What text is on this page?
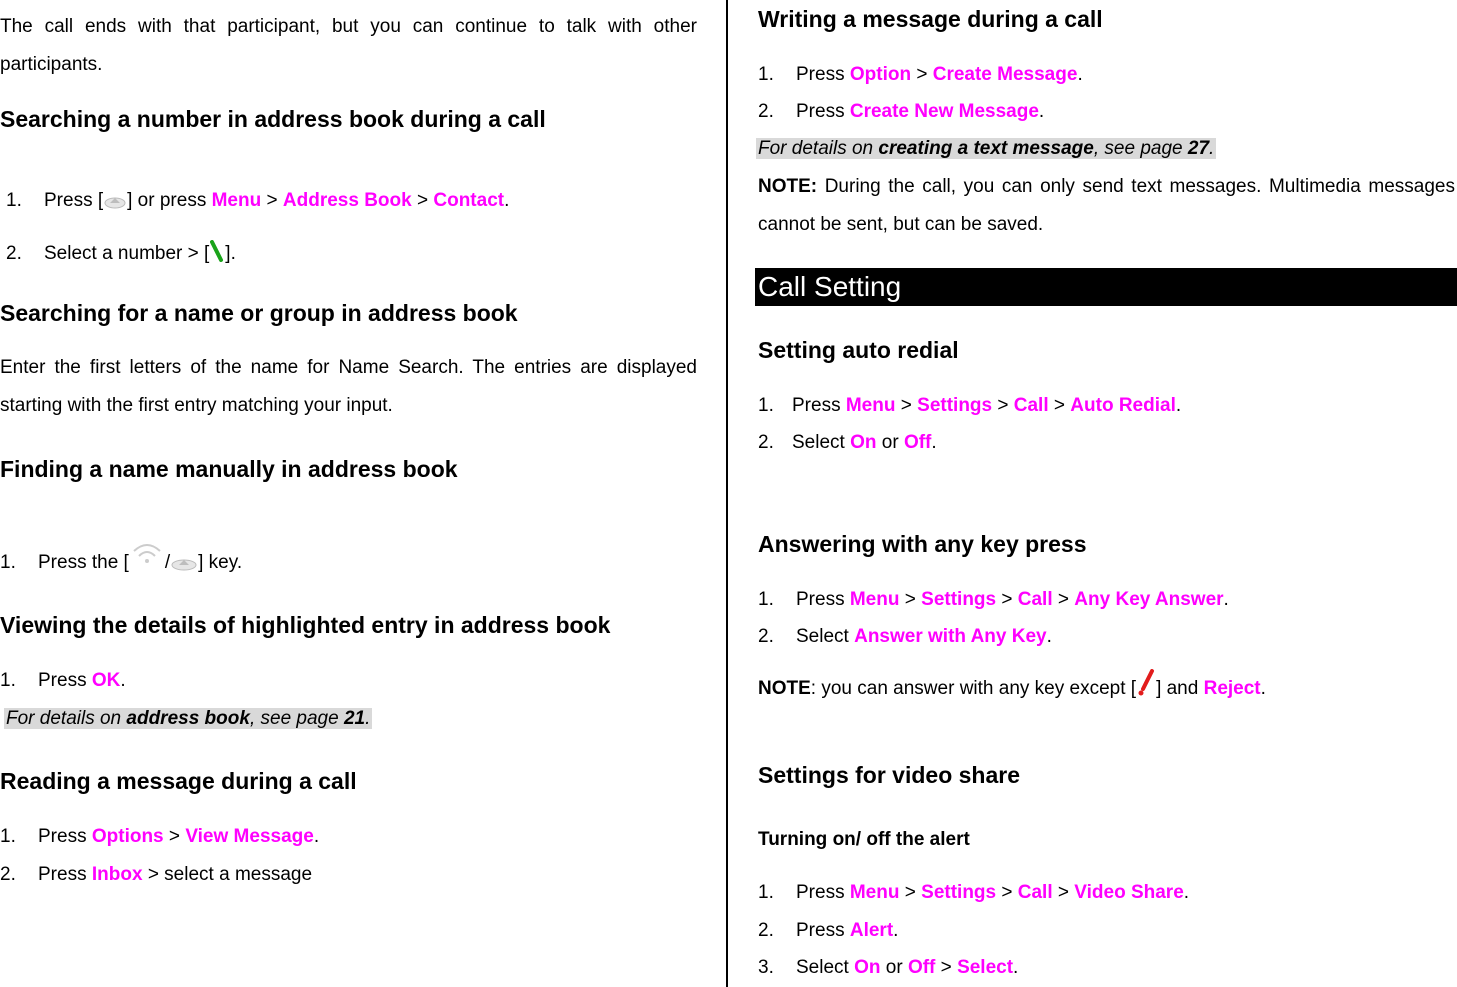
The call ends with that participant, but you can continue to talk with other participants.
Searching a number in address book during a call
1. Press [ ] or press Menu > Address Book > Contact.
2. Select a number > [ ].
Searching for a name or group in address book
Enter the first letters of the name for Name Search. The entries are displayed starting with the first entry matching your input.
Finding a name manually in address book
1. Press the [ / ] key.
Viewing the details of highlighted entry in address book
1. Press OK.
For details on address book, see page 21.
Reading a message during a call
1. Press Options > View Message.
2. Press Inbox > select a message
Writing a message during a call
1. Press Option > Create Message.
2. Press Create New Message.
For details on creating a text message, see page 27.
NOTE: During the call, you can only send text messages. Multimedia messages cannot be sent, but can be saved.
Call Setting
Setting auto redial
1. Press Menu > Settings > Call > Auto Redial.
2. Select On or Off.
Answering with any key press
1. Press Menu > Settings > Call > Any Key Answer.
2. Select Answer with Any Key.
NOTE: you can answer with any key except [ ] and Reject.
Settings for video share
Turning on/ off the alert
1. Press Menu > Settings > Call > Video Share.
2. Press Alert.
3. Select On or Off > Select.
